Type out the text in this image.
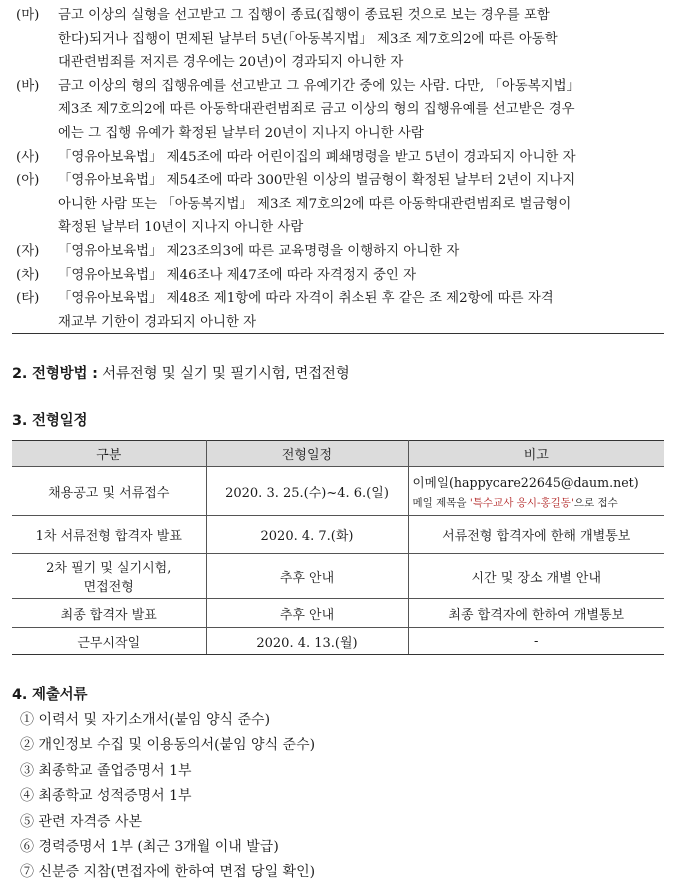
(마)	금고 이상의 실형을 선고받고 그 집행이 종료(집행이 종료된 것으로 보는 경우를 포함
한다)되거나 집행이 면제된 날부터 5년(「아동복지법」 제3조 제7호의2에 따른 아동학
대관련범죄를 저지른 경우에는 20년)이 경과되지 아니한 자
(바)	금고 이상의 형의 집행유예를 선고받고 그 유예기간 중에 있는 사람. 다만, 「아동복지법」
제3조 제7호의2에 따른 아동학대관련범죄로 금고 이상의 형의 집행유예를 선고받은 경우
에는 그 집행 유예가 확정된 날부터 20년이 지나지 아니한 사람
(사)	「영유아보육법」 제45조에 따라 어린이집의 폐쇄명령을 받고 5년이 경과되지 아니한 자
(아)	「영유아보육법」 제54조에 따라 300만원 이상의 벌금형이 확정된 날부터 2년이 지나지
아니한 사람 또는 「아동복지법」 제3조 제7호의2에 따른 아동학대관련범죄로 벌금형이
확정된 날부터 10년이 지나지 아니한 사람
(자)	「영유아보육법」 제23조의3에 따른 교육명령을 이행하지 아니한 자
(차)	「영유아보육법」 제46조나 제47조에 따라 자격정지 중인 자
(타)	「영유아보육법」 제48조 제1항에 따라 자격이 취소된 후 같은 조 제2항에 따른 자격
재교부 기한이 경과되지 아니한 자
2. 전형방법 : 서류전형 및 실기 및 필기시험, 면접전형
3. 전형일정
구분	전형일정	비고
채용공고 및 서류접수	2020. 3. 25.(수)~4. 6.(일)	이메일(happycare22645@daum.net)
메일 제목을 '특수교사 응시-홍길동'으로 접수

1차 서류전형 합격자 발표	2020. 4. 7.(화)	서류전형 합격자에 한해 개별통보
2차 필기 및 실기시험,
면접전형	추후 안내	시간 및 장소 개별 안내
최종 합격자 발표	추후 안내	최종 합격자에 한하여 개별통보
근무시작일	2020. 4. 13.(월)	-
4. 제출서류
① 이력서 및 자기소개서(붙임 양식 준수)
② 개인정보 수집 및 이용동의서(붙임 양식 준수)
③ 최종학교 졸업증명서 1부
④ 최종학교 성적증명서 1부
⑤ 관련 자격증 사본
⑥ 경력증명서 1부 (최근 3개월 이내 발급)
⑦ 신분증 지참(면접자에 한하여 면접 당일 확인)
